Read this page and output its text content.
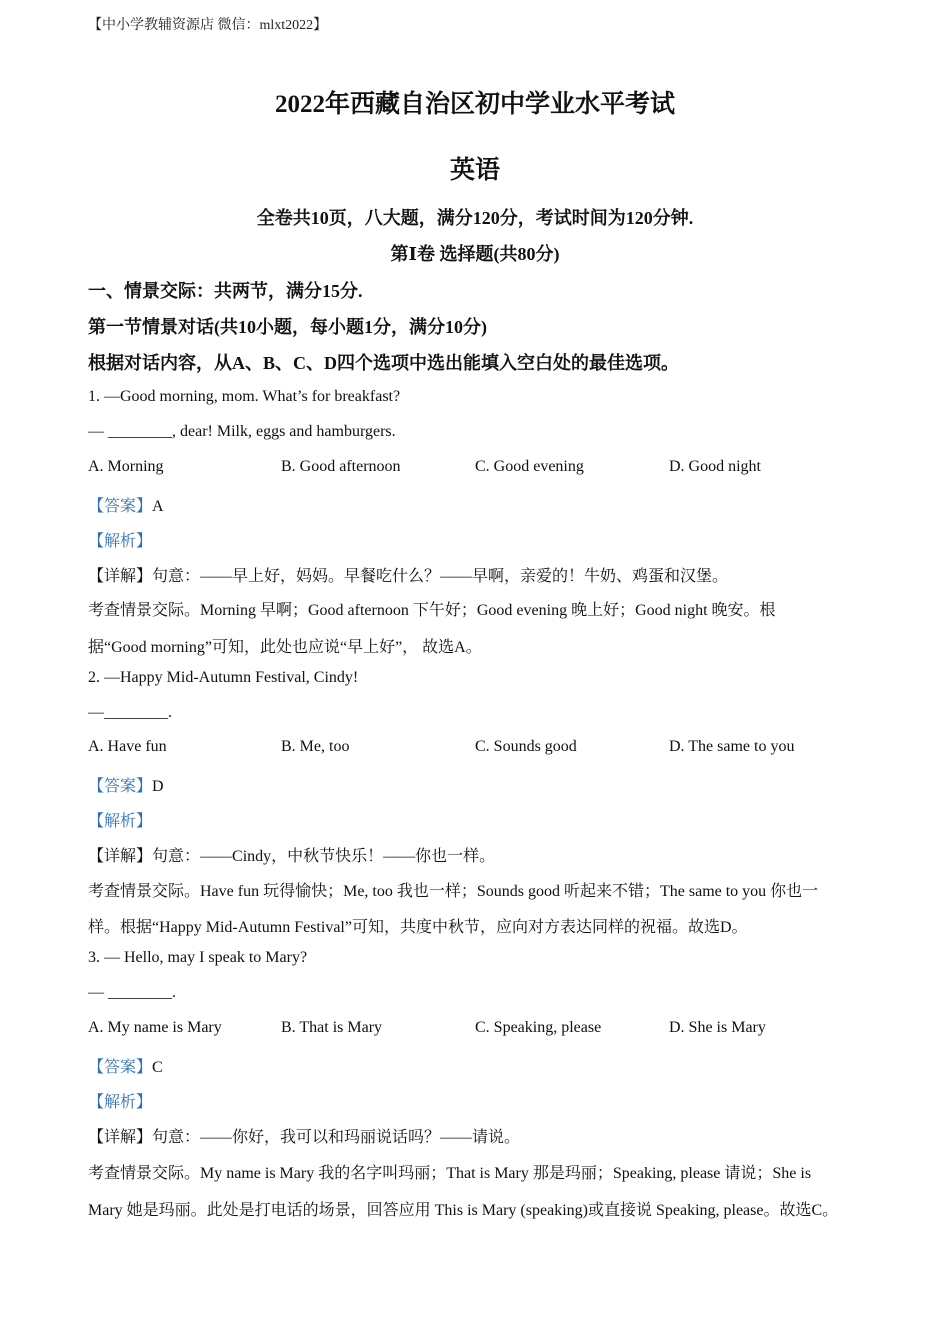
【中小学教辅资源店 微信：mlxt2022】
2022年西藏自治区初中学业水平考试
英语
全卷共10页，八大题，满分120分，考试时间为120分钟.
第Ⅰ卷 选择题(共80分)
一、情景交际：共两节，满分15分.
第一节情景对话(共10小题，每小题1分，满分10分)
根据对话内容，从A、B、C、D四个选项中选出能填入空白处的最佳选项。
1. —Good morning, mom. What’s for breakfast?
— ________, dear! Milk, eggs and hamburgers.
A. Morning	B. Good afternoon	C. Good evening	D. Good night
【答案】A
【解析】
【详解】句意：——早上好，妈妈。早餐吃什么？——早啊，亲爱的！牛奶、鸡蛋和汉堡。
考查情景交际。Morning 早啊；Good afternoon 下午好；Good evening 晚上好；Good night 晚安。根
据“Good morning”可知，此处也应说“早上好”， 故选A。
2. —Happy Mid-Autumn Festival, Cindy!
—________.
A. Have fun	B. Me, too	C. Sounds good	D. The same to you
【答案】D
【解析】
【详解】句意：——Cindy，中秋节快乐！——你也一样。
考查情景交际。Have fun 玩得愉快；Me, too 我也一样；Sounds good 听起来不错；The same to you 你也一
样。根据“Happy Mid-Autumn Festival”可知，共度中秋节，应向对方表达同样的祝福。故选D。
3. — Hello, may I speak to Mary?
— ________.
A. My name is Mary	B. That is Mary	C. Speaking, please	D. She is Mary
【答案】C
【解析】
【详解】句意：——你好，我可以和玛丽说话吗？——请说。
考查情景交际。My name is Mary 我的名字叫玛丽；That is Mary 那是玛丽；Speaking, please 请说；She is
Mary 她是玛丽。此处是打电话的场景，回答应用 This is Mary (speaking)或直接说 Speaking, please。故选C。
